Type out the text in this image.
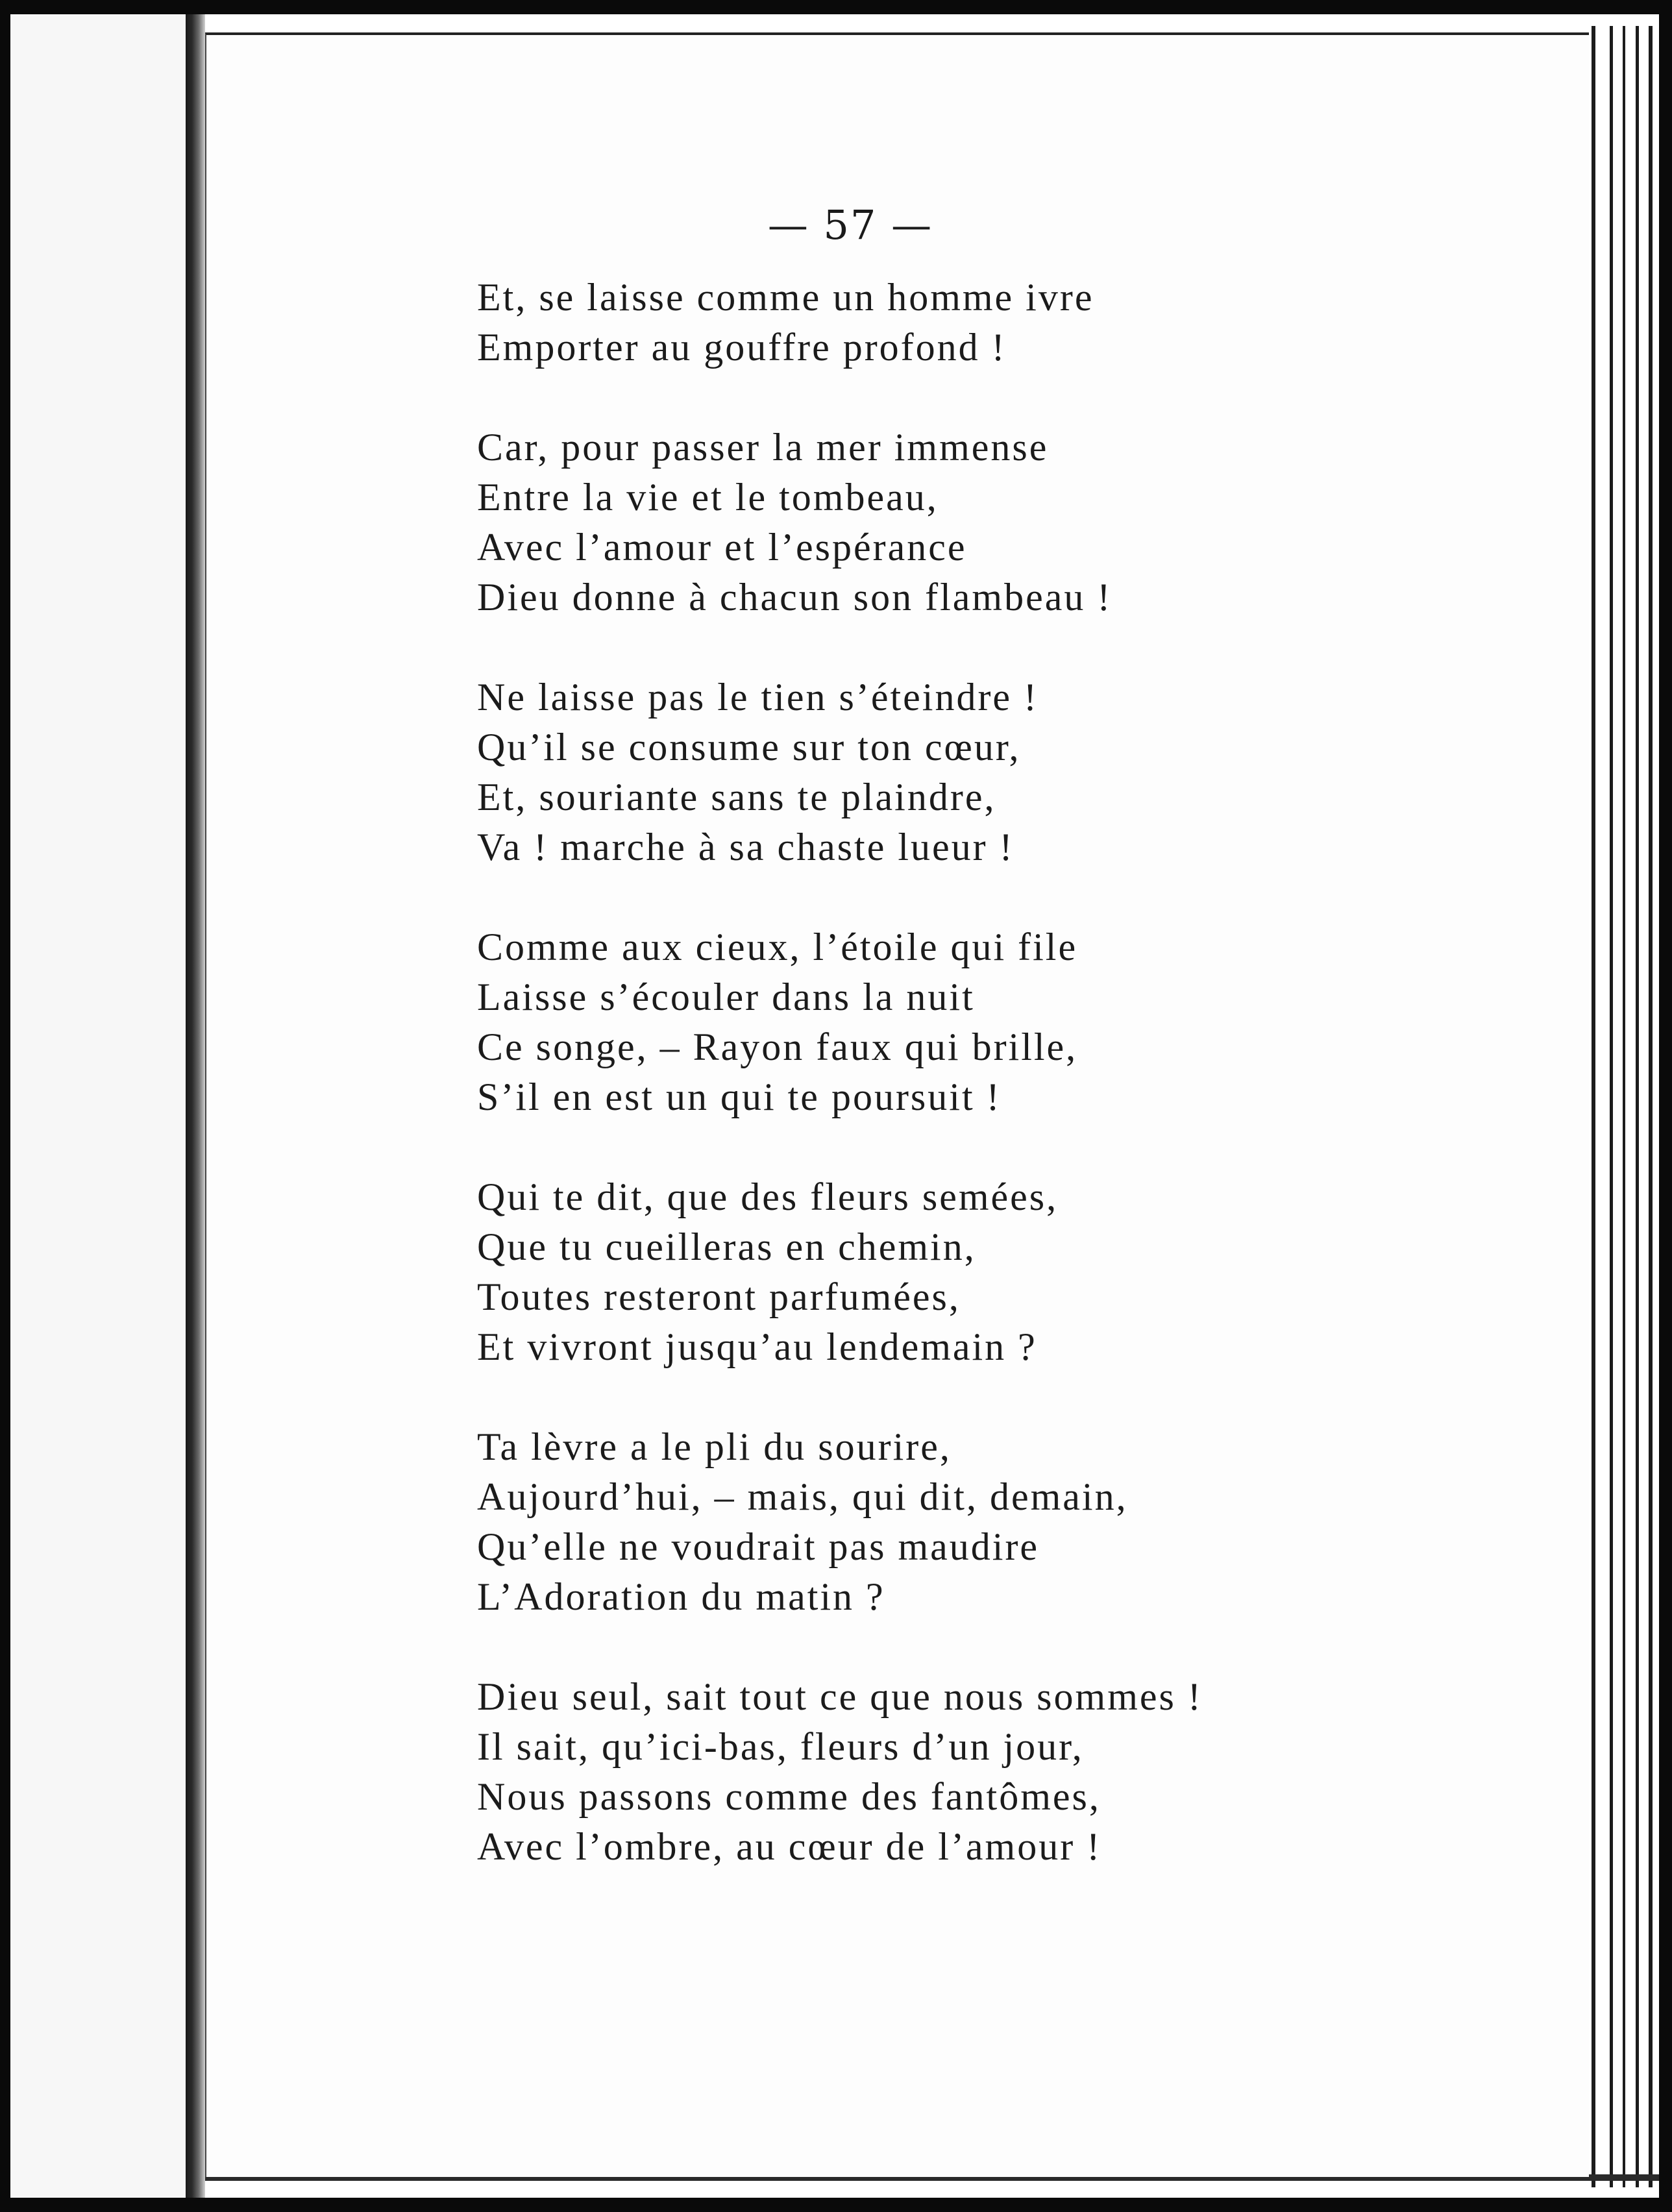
— 57 —
Et, se laisse comme un homme ivre
Emporter au gouffre profond !
Car, pour passer la mer immense
Entre la vie et le tombeau,
Avec l’amour et l’espérance
Dieu donne à chacun son flambeau !
Ne laisse pas le tien s’éteindre !
Qu’il se consume sur ton cœur,
Et, souriante sans te plaindre,
Va ! marche à sa chaste lueur !
Comme aux cieux, l’étoile qui file
Laisse s’écouler dans la nuit
Ce songe, – Rayon faux qui brille,
S’il en est un qui te poursuit !
Qui te dit, que des fleurs semées,
Que tu cueilleras en chemin,
Toutes resteront parfumées,
Et vivront jusqu’au lendemain ?
Ta lèvre a le pli du sourire,
Aujourd’hui, – mais, qui dit, demain,
Qu’elle ne voudrait pas maudire
L’Adoration du matin ?
Dieu seul, sait tout ce que nous sommes !
Il sait, qu’ici-bas, fleurs d’un jour,
Nous passons comme des fantômes,
Avec l’ombre, au cœur de l’amour !
